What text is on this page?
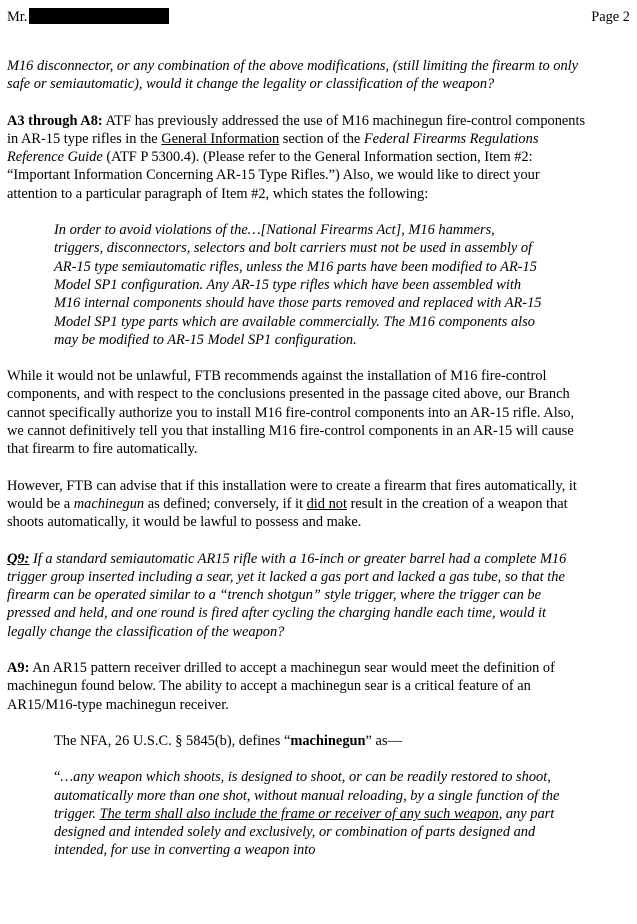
Mr.	Page 2

M16 disconnector, or any combination of the above modifications, (still limiting the firearm to only safe or semiautomatic), would it change the legality or classification of the weapon?

A3 through A8: ATF has previously addressed the use of M16 machinegun fire-control components in AR-15 type rifles in the General Information section of the Federal Firearms Regulations Reference Guide (ATF P 5300.4). (Please refer to the General Information section, Item #2: “Important Information Concerning AR-15 Type Rifles.”) Also, we would like to direct your attention to a particular paragraph of Item #2, which states the following:

In order to avoid violations of the…[National Firearms Act], M16 hammers, triggers, disconnectors, selectors and bolt carriers must not be used in assembly of AR-15 type semiautomatic rifles, unless the M16 parts have been modified to AR-15 Model SP1 configuration. Any AR-15 type rifles which have been assembled with M16 internal components should have those parts removed and replaced with AR-15 Model SP1 type parts which are available commercially. The M16 components also may be modified to AR-15 Model SP1 configuration.

While it would not be unlawful, FTB recommends against the installation of M16 fire-control components, and with respect to the conclusions presented in the passage cited above, our Branch cannot specifically authorize you to install M16 fire-control components into an AR-15 rifle. Also, we cannot definitively tell you that installing M16 fire-control components in an AR-15 will cause that firearm to fire automatically.

However, FTB can advise that if this installation were to create a firearm that fires automatically, it would be a machinegun as defined; conversely, if it did not result in the creation of a weapon that shoots automatically, it would be lawful to possess and make.

Q9: If a standard semiautomatic AR15 rifle with a 16-inch or greater barrel had a complete M16 trigger group inserted including a sear, yet it lacked a gas port and lacked a gas tube, so that the firearm can be operated similar to a “trench shotgun” style trigger, where the trigger can be pressed and held, and one round is fired after cycling the charging handle each time, would it legally change the classification of the weapon?

A9: An AR15 pattern receiver drilled to accept a machinegun sear would meet the definition of machinegun found below. The ability to accept a machinegun sear is a critical feature of an AR15/M16-type machinegun receiver.

The NFA, 26 U.S.C. § 5845(b), defines “machinegun” as—

“…any weapon which shoots, is designed to shoot, or can be readily restored to shoot, automatically more than one shot, without manual reloading, by a single function of the trigger. The term shall also include the frame or receiver of any such weapon, any part designed and intended solely and exclusively, or combination of parts designed and intended, for use in converting a weapon into
